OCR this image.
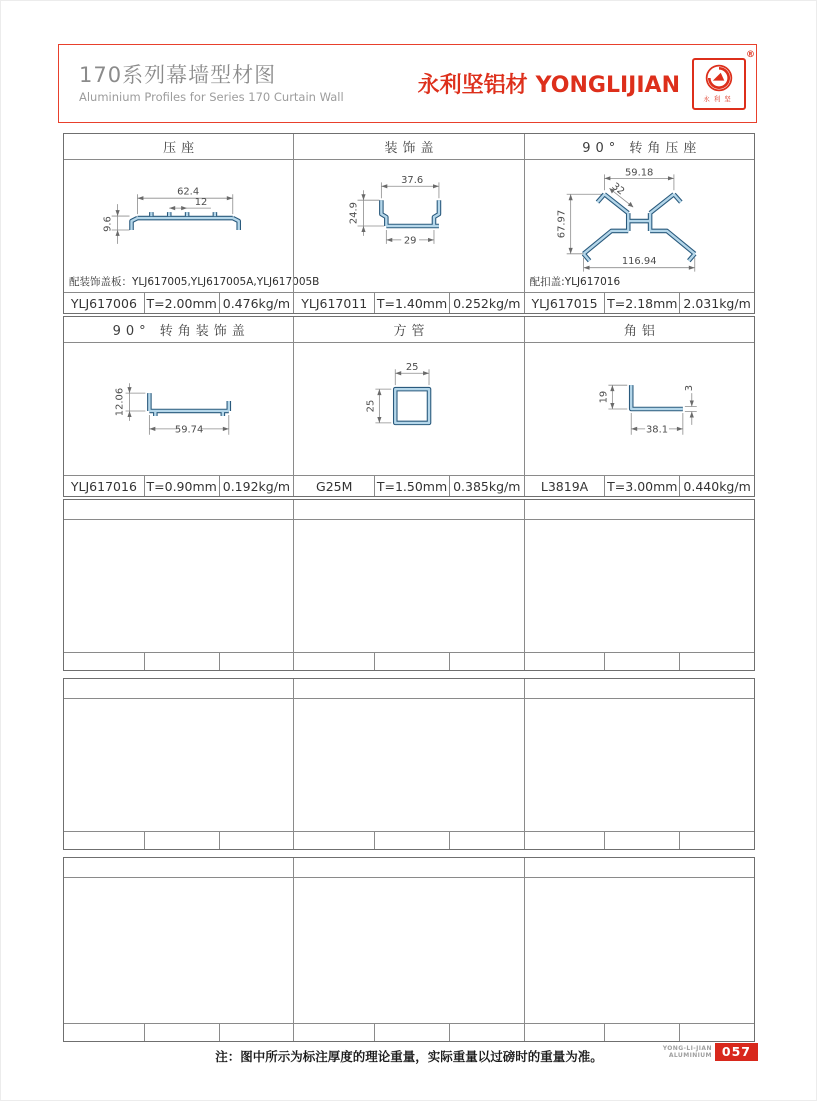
170系列幕墙型材图
Aluminium Profiles for Series 170 Curtain Wall	永利坚铝材 YONGLIJIAN
®
永利坚
压座	装饰盖	90° 转角压座
62.4
12
9.6
配装饰盖板：YLJ617005,YLJ617005A,YLJ617005B
37.6
29
24.9
59.18
32
67.97
116.94
配扣盖:YLJ617016
YLJ617006 T=2.00mm 0.476kg/m YLJ617011 T=1.40mm 0.252kg/m YLJ617015 T=2.18mm 2.031kg/m
90° 转角装饰盖	方管	角铝
12.06
59.74
25
25
19
3
38.1
YLJ617016 T=0.90mm 0.192kg/m	G25M	T=1.50mm 0.385kg/m	L3819A	T=3.00mm 0.440kg/m
注：图中所示为标注厚度的理论重量，实际重量以过磅时的重量为准。
YONG-LI-JIAN
ALUMINIUM 057
